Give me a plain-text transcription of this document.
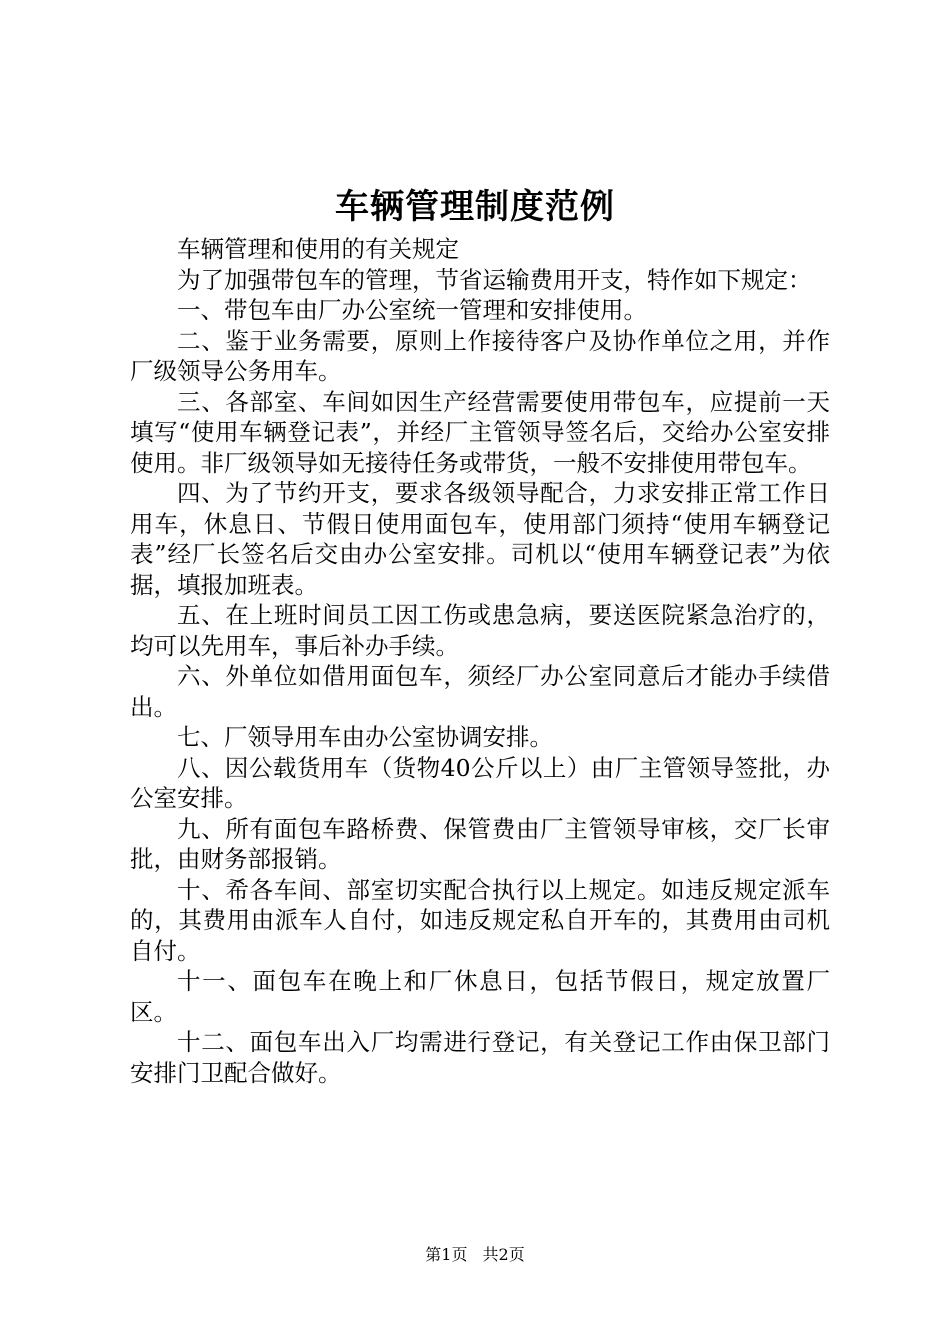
车辆管理制度范例

车辆管理和使用的有关规定

为了加强带包车的管理，节省运输费用开支，特作如下规定：

一、带包车由厂办公室统一管理和安排使用。

二、鉴于业务需要，原则上作接待客户及协作单位之用，并作厂级领导公务用车。

三、各部室、车间如因生产经营需要使用带包车，应提前一天填写“使用车辆登记表”，并经厂主管领导签名后，交给办公室安排使用。非厂级领导如无接待任务或带货，一般不安排使用带包车。

四、为了节约开支，要求各级领导配合，力求安排正常工作日用车，休息日、节假日使用面包车，使用部门须持“使用车辆登记表”经厂长签名后交由办公室安排。司机以“使用车辆登记表”为依据，填报加班表。

五、在上班时间员工因工伤或患急病，要送医院紧急治疗的，均可以先用车，事后补办手续。

六、外单位如借用面包车，须经厂办公室同意后才能办手续借出。

七、厂领导用车由办公室协调安排。

八、因公载货用车（货物40公斤以上）由厂主管领导签批，办公室安排。

九、所有面包车路桥费、保管费由厂主管领导审核，交厂长审批，由财务部报销。

十、希各车间、部室切实配合执行以上规定。如违反规定派车的，其费用由派车人自付，如违反规定私自开车的，其费用由司机自付。

十一、面包车在晚上和厂休息日，包括节假日，规定放置厂区。

十二、面包车出入厂均需进行登记，有关登记工作由保卫部门安排门卫配合做好。

第1页 共2页
